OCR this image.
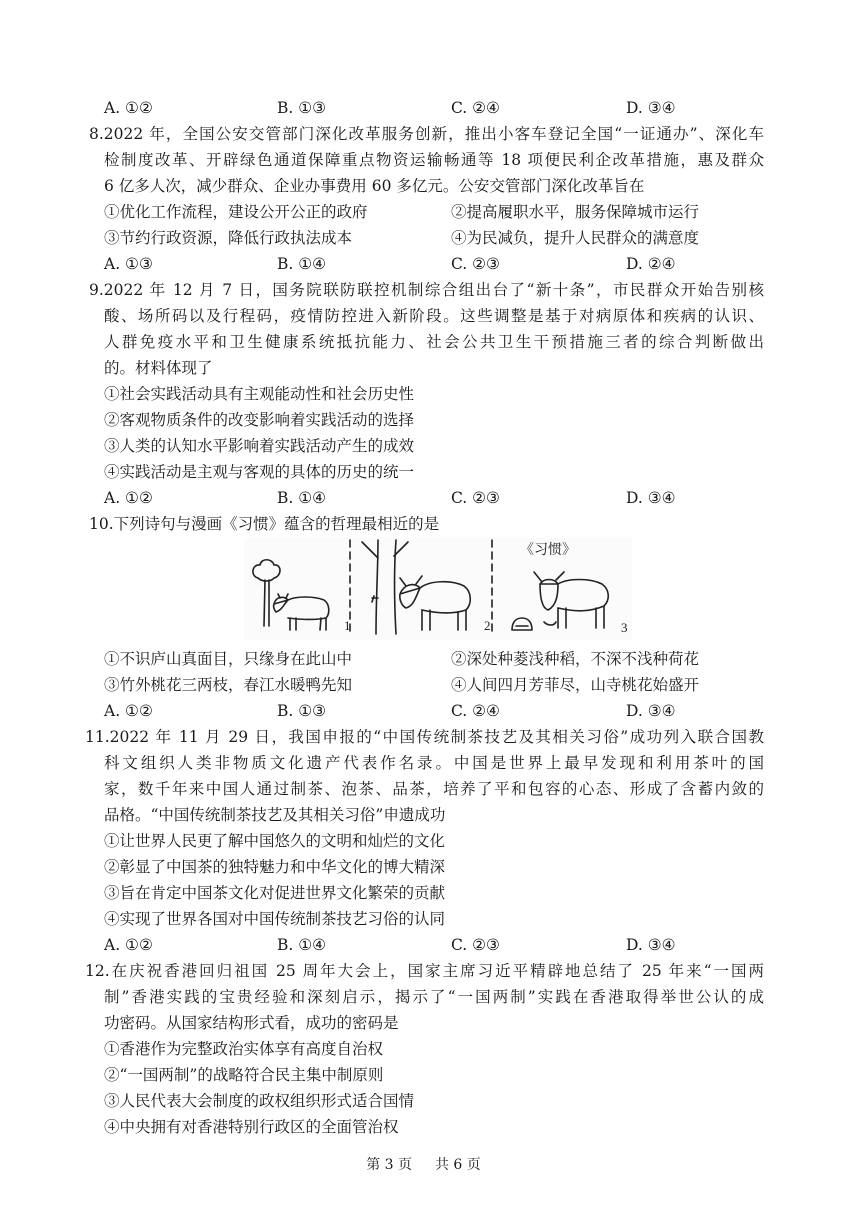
A. ①②	B. ①③	C. ②④	D. ③④
8.2022 年，全国公安交管部门深化改革服务创新，推出小客车登记全国“一证通办”、深化车
检制度改革、开辟绿色通道保障重点物资运输畅通等 18 项便民利企改革措施，惠及群众
6 亿多人次，减少群众、企业办事费用 60 多亿元。公安交管部门深化改革旨在
①优化工作流程，建设公开公正的政府	②提高履职水平，服务保障城市运行
③节约行政资源，降低行政执法成本	④为民减负，提升人民群众的满意度
A. ①③	B. ①④	C. ②③	D. ②④
9.2022 年 12 月 7 日，国务院联防联控机制综合组出台了“新十条”，市民群众开始告别核
酸、场所码以及行程码，疫情防控进入新阶段。这些调整是基于对病原体和疾病的认识、
人群免疫水平和卫生健康系统抵抗能力、社会公共卫生干预措施三者的综合判断做出
的。材料体现了
①社会实践活动具有主观能动性和社会历史性
②客观物质条件的改变影响着实践活动的选择
③人类的认知水平影响着实践活动产生的成效
④实践活动是主观与客观的具体的历史的统一
A. ①②	B. ①④	C. ②③	D. ③④
10.下列诗句与漫画《习惯》蕴含的哲理最相近的是
1	2	3
《习惯》
①不识庐山真面目，只缘身在此山中	②深处种菱浅种稻，不深不浅种荷花
③竹外桃花三两枝，春江水暖鸭先知	④人间四月芳菲尽，山寺桃花始盛开
A. ①②	B. ①③	C. ②④	D. ③④
11.2022 年 11 月 29 日，我国申报的“中国传统制茶技艺及其相关习俗”成功列入联合国教
科文组织人类非物质文化遗产代表作名录。中国是世界上最早发现和利用茶叶的国
家，数千年来中国人通过制茶、泡茶、品茶，培养了平和包容的心态、形成了含蓄内敛的
品格。“中国传统制茶技艺及其相关习俗”申遗成功
①让世界人民更了解中国悠久的文明和灿烂的文化
②彰显了中国茶的独特魅力和中华文化的博大精深
③旨在肯定中国茶文化对促进世界文化繁荣的贡献
④实现了世界各国对中国传统制茶技艺习俗的认同
A. ①②	B. ①④	C. ②③	D. ③④
12.在庆祝香港回归祖国 25 周年大会上，国家主席习近平精辟地总结了 25 年来“一国两
制”香港实践的宝贵经验和深刻启示，揭示了“一国两制”实践在香港取得举世公认的成
功密码。从国家结构形式看，成功的密码是
①香港作为完整政治实体享有高度自治权
②“一国两制”的战略符合民主集中制原则
③人民代表大会制度的政权组织形式适合国情
④中央拥有对香港特别行政区的全面管治权
第 3 页 共 6 页
